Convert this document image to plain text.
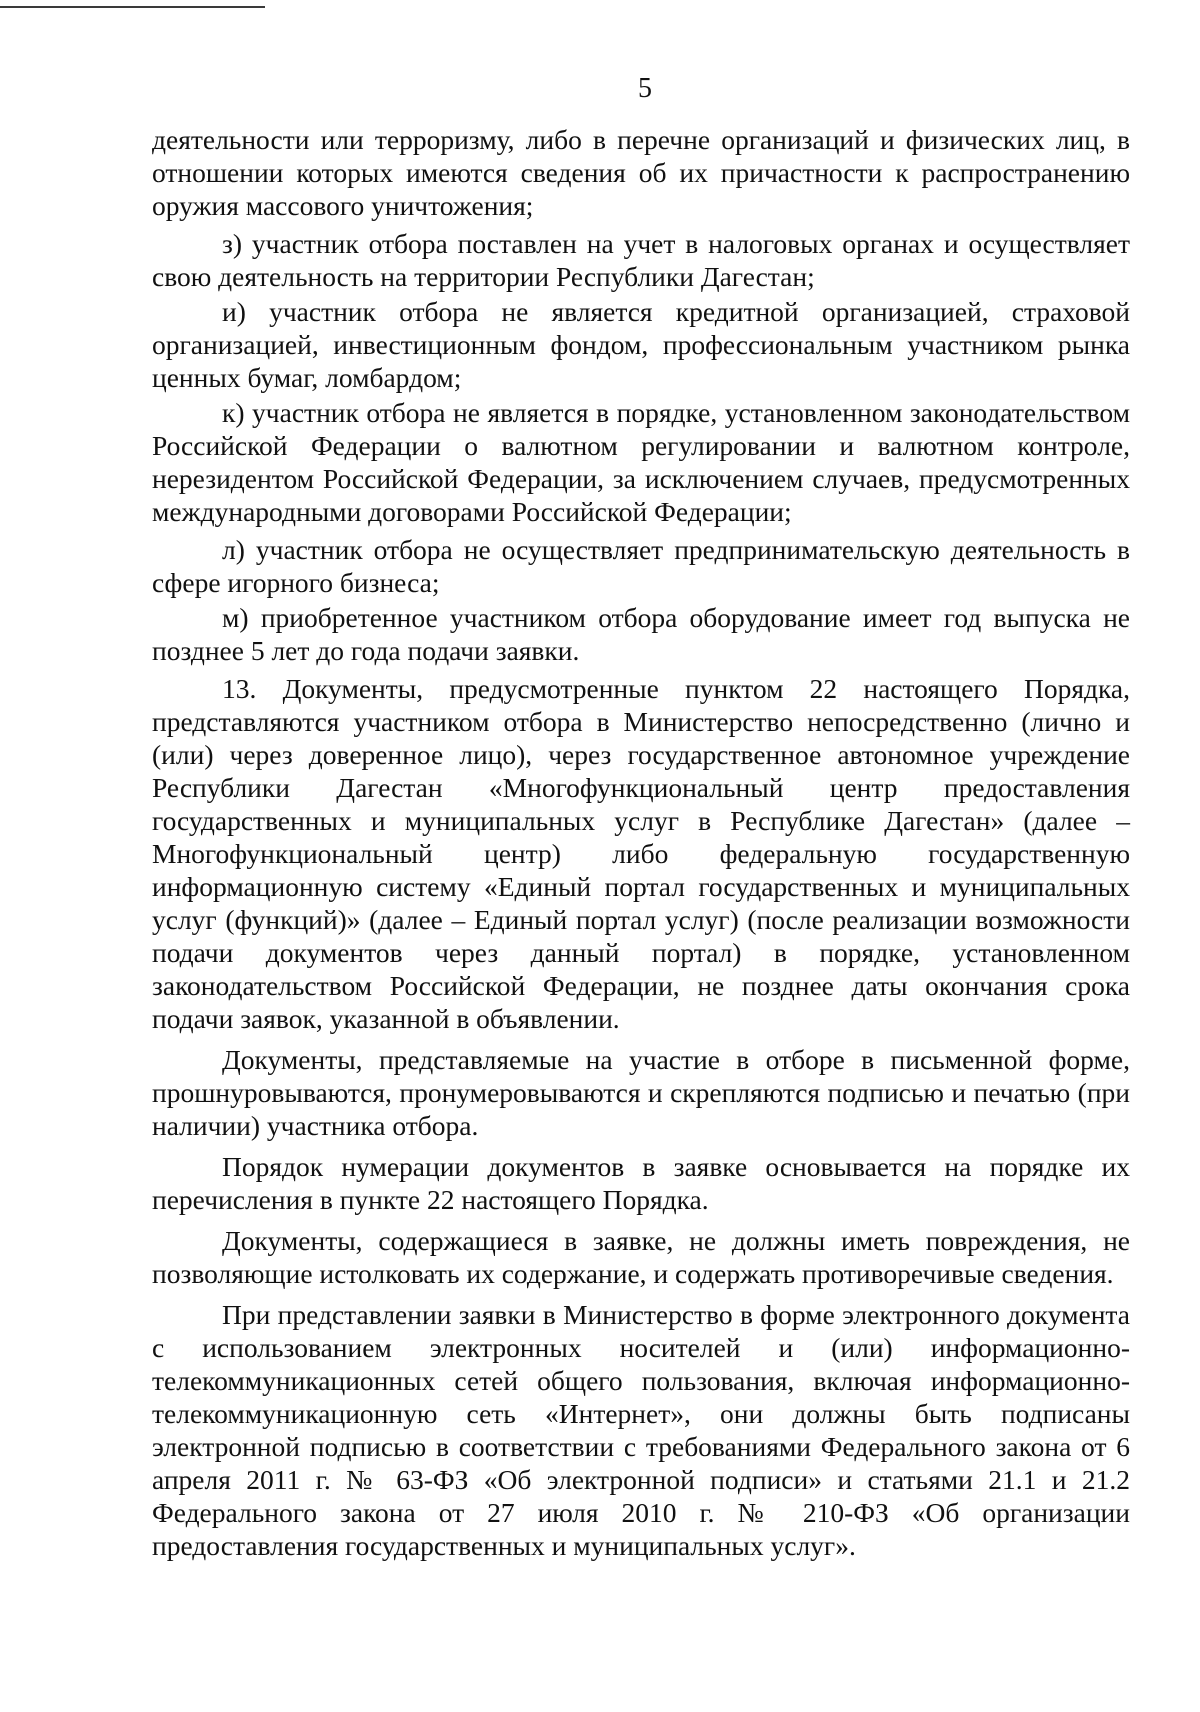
5

деятельности или терроризму, либо в перечне организаций и физических лиц, в отношении которых имеются сведения об их причастности к распространению оружия массового уничтожения;

з) участник отбора поставлен на учет в налоговых органах и осуществляет свою деятельность на территории Республики Дагестан;

и) участник отбора не является кредитной организацией, страховой организацией, инвестиционным фондом, профессиональным участником рынка ценных бумаг, ломбардом;

к) участник отбора не является в порядке, установленном законодательством Российской Федерации о валютном регулировании и валютном контроле, нерезидентом Российской Федерации, за исключением случаев, предусмотренных международными договорами Российской Федерации;

л) участник отбора не осуществляет предпринимательскую деятельность в сфере игорного бизнеса;

м) приобретенное участником отбора оборудование имеет год выпуска не позднее 5 лет до года подачи заявки.

13. Документы, предусмотренные пунктом 22 настоящего Порядка, представляются участником отбора в Министерство непосредственно (лично и (или) через доверенное лицо), через государственное автономное учреждение Республики Дагестан «Многофункциональный центр предоставления государственных и муниципальных услуг в Республике Дагестан» (далее – Многофункциональный центр) либо федеральную государственную информационную систему «Единый портал государственных и муниципальных услуг (функций)» (далее – Единый портал услуг) (после реализации возможности подачи документов через данный портал) в порядке, установленном законодательством Российской Федерации, не позднее даты окончания срока подачи заявок, указанной в объявлении.

Документы, представляемые на участие в отборе в письменной форме, прошнуровываются, пронумеровываются и скрепляются подписью и печатью (при наличии) участника отбора.

Порядок нумерации документов в заявке основывается на порядке их перечисления в пункте 22 настоящего Порядка.

Документы, содержащиеся в заявке, не должны иметь повреждения, не позволяющие истолковать их содержание, и содержать противоречивые сведения.

При представлении заявки в Министерство в форме электронного документа с использованием электронных носителей и (или) информационно-телекоммуникационных сетей общего пользования, включая информационно-телекоммуникационную сеть «Интернет», они должны быть подписаны электронной подписью в соответствии с требованиями Федерального закона от 6 апреля 2011 г. № 63-ФЗ «Об электронной подписи» и статьями 21.1 и 21.2 Федерального закона от 27 июля 2010 г. № 210-ФЗ «Об организации предоставления государственных и муниципальных услуг».
